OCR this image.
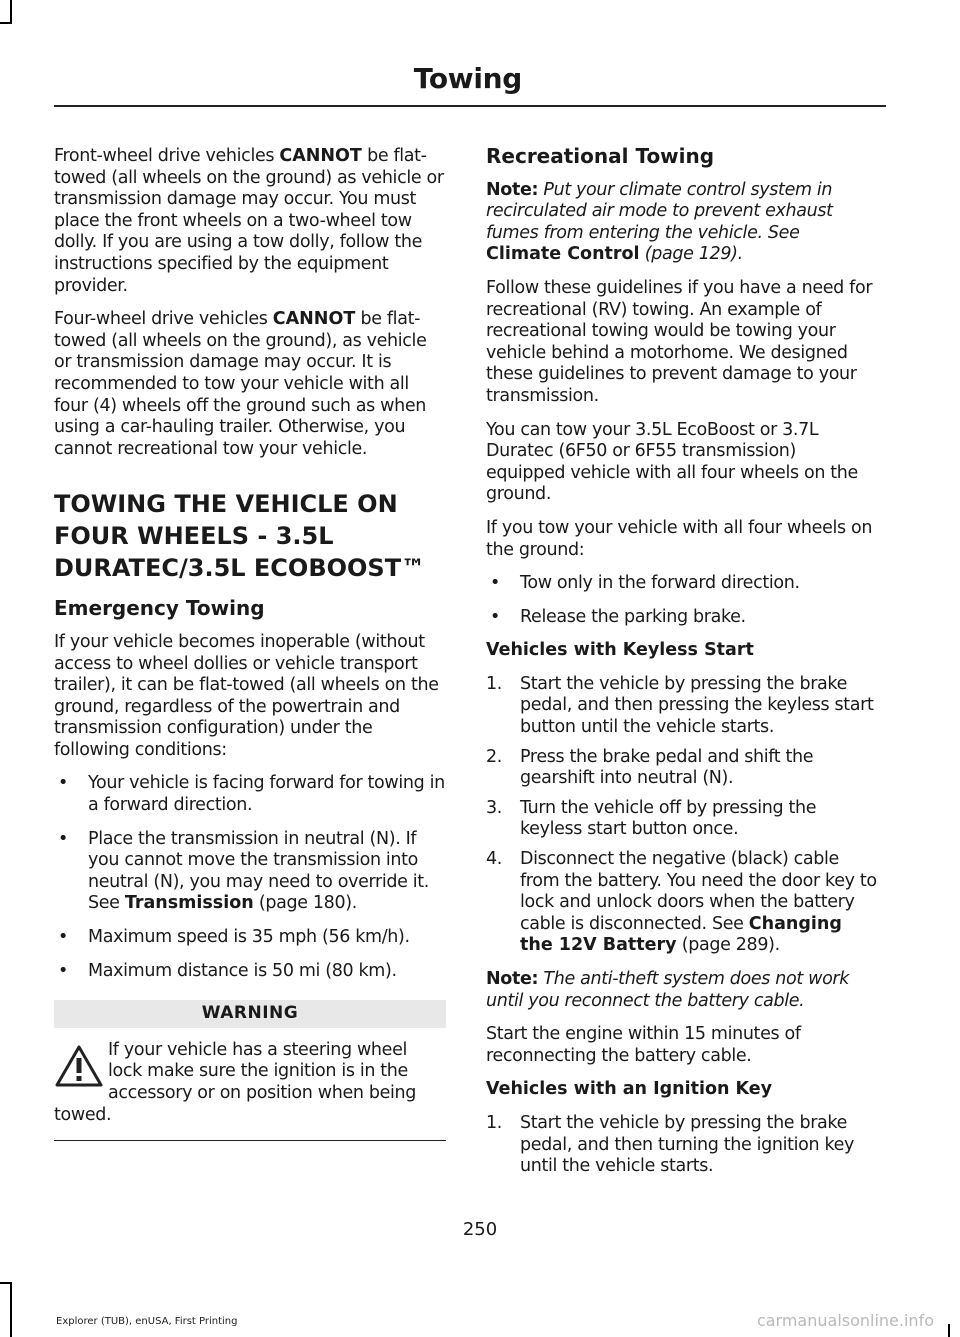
Towing

Front-wheel drive vehicles CANNOT be flat-towed (all wheels on the ground) as vehicle or transmission damage may occur. You must place the front wheels on a two-wheel tow dolly. If you are using a tow dolly, follow the instructions specified by the equipment provider.

Four-wheel drive vehicles CANNOT be flat-towed (all wheels on the ground), as vehicle or transmission damage may occur. It is recommended to tow your vehicle with all four (4) wheels off the ground such as when using a car-hauling trailer. Otherwise, you cannot recreational tow your vehicle.

TOWING THE VEHICLE ON
FOUR WHEELS - 3.5L
DURATEC/3.5L ECOBOOST™
Emergency Towing

If your vehicle becomes inoperable (without access to wheel dollies or vehicle transport trailer), it can be flat-towed (all wheels on the ground, regardless of the powertrain and transmission configuration) under the following conditions:

• Your vehicle is facing forward for towing in a forward direction.
• Place the transmission in neutral (N). If you cannot move the transmission into neutral (N), you may need to override it. See Transmission (page 180).
• Maximum speed is 35 mph (56 km/h).
• Maximum distance is 50 mi (80 km).
WARNING
If your vehicle has a steering wheel lock make sure the ignition is in the accessory or on position when being towed.
Recreational Towing

Note: Put your climate control system in recirculated air mode to prevent exhaust fumes from entering the vehicle. See Climate Control (page 129).

Follow these guidelines if you have a need for recreational (RV) towing. An example of recreational towing would be towing your vehicle behind a motorhome. We designed these guidelines to prevent damage to your transmission.

You can tow your 3.5L EcoBoost or 3.7L Duratec (6F50 or 6F55 transmission) equipped vehicle with all four wheels on the ground.

If you tow your vehicle with all four wheels on the ground:

• Tow only in the forward direction.
• Release the parking brake.
Vehicles with Keyless Start
1. Start the vehicle by pressing the brake pedal, and then pressing the keyless start button until the vehicle starts.
2. Press the brake pedal and shift the gearshift into neutral (N).
3. Turn the vehicle off by pressing the keyless start button once.
4. Disconnect the negative (black) cable from the battery. You need the door key to lock and unlock doors when the battery cable is disconnected. See Changing the 12V Battery (page 289).

Note: The anti-theft system does not work until you reconnect the battery cable.

Start the engine within 15 minutes of reconnecting the battery cable.

Vehicles with an Ignition Key
1. Start the vehicle by pressing the brake pedal, and then turning the ignition key until the vehicle starts.
250
Explorer (TUB), enUSA, First Printing	carmanualsonline.info
